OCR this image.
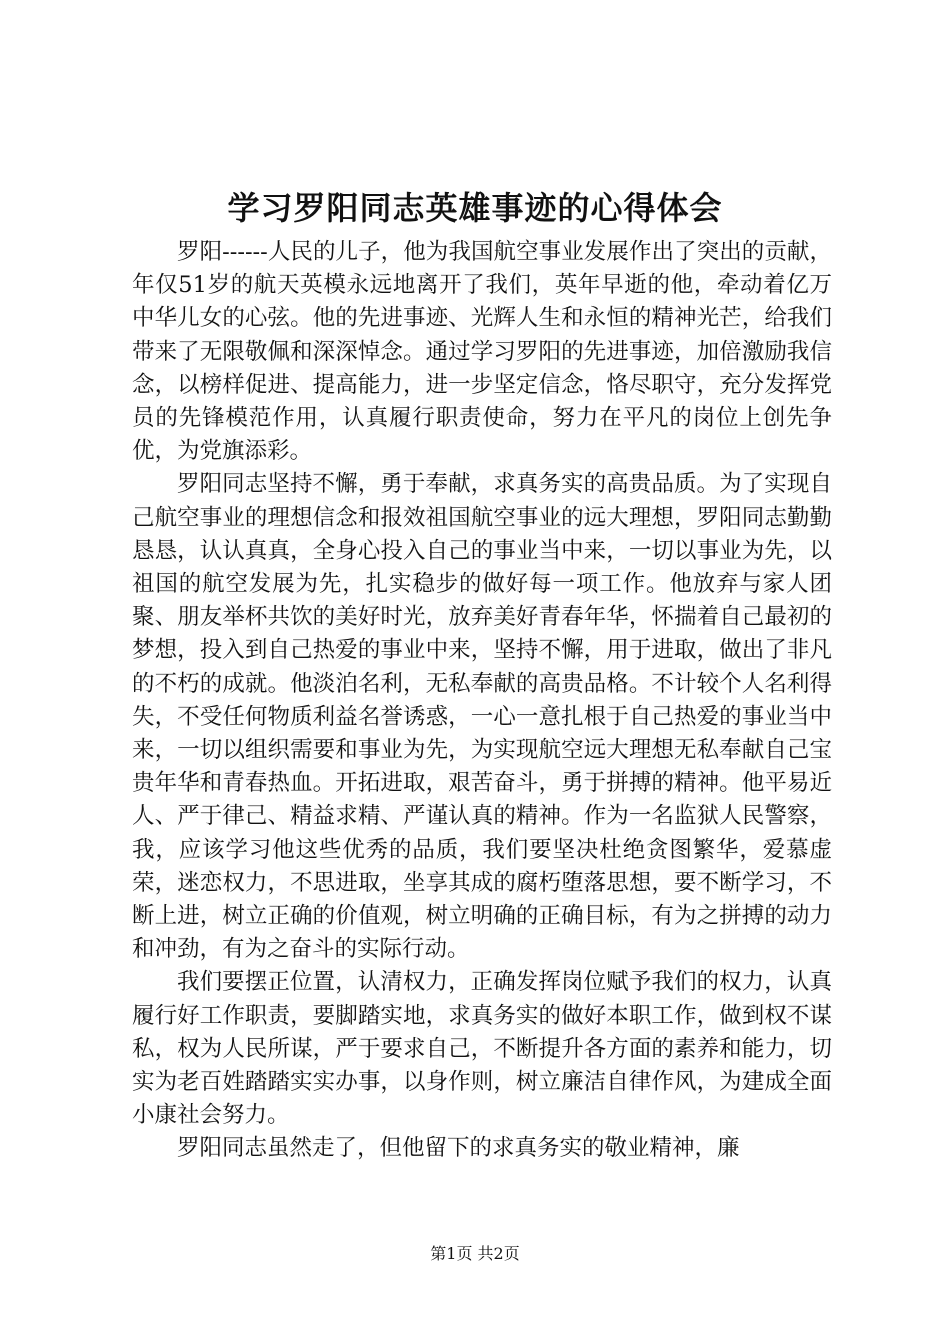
学习罗阳同志英雄事迹的心得体会

罗阳------人民的儿子，他为我国航空事业发展作出了突出的贡献，年仅51岁的航天英模永远地离开了我们，英年早逝的他，牵动着亿万中华儿女的心弦。他的先进事迹、光辉人生和永恒的精神光芒，给我们带来了无限敬佩和深深悼念。通过学习罗阳的先进事迹，加倍激励我信念，以榜样促进、提高能力，进一步坚定信念，恪尽职守，充分发挥党员的先锋模范作用，认真履行职责使命，努力在平凡的岗位上创先争优，为党旗添彩。

罗阳同志坚持不懈，勇于奉献，求真务实的高贵品质。为了实现自己航空事业的理想信念和报效祖国航空事业的远大理想，罗阳同志勤勤恳恳，认认真真，全身心投入自己的事业当中来，一切以事业为先，以祖国的航空发展为先，扎实稳步的做好每一项工作。他放弃与家人团聚、朋友举杯共饮的美好时光，放弃美好青春年华，怀揣着自己最初的梦想，投入到自己热爱的事业中来，坚持不懈，用于进取，做出了非凡的不朽的成就。他淡泊名利，无私奉献的高贵品格。不计较个人名利得失，不受任何物质利益名誉诱惑，一心一意扎根于自己热爱的事业当中来，一切以组织需要和事业为先，为实现航空远大理想无私奉献自己宝贵年华和青春热血。开拓进取，艰苦奋斗，勇于拼搏的精神。他平易近人、严于律己、精益求精、严谨认真的精神。作为一名监狱人民警察，我，应该学习他这些优秀的品质，我们要坚决杜绝贪图繁华，爱慕虚荣，迷恋权力，不思进取，坐享其成的腐朽堕落思想，要不断学习，不断上进，树立正确的价值观，树立明确的正确目标，有为之拼搏的动力和冲劲，有为之奋斗的实际行动。

我们要摆正位置，认清权力，正确发挥岗位赋予我们的权力，认真履行好工作职责，要脚踏实地，求真务实的做好本职工作，做到权不谋私，权为人民所谋，严于要求自己，不断提升各方面的素养和能力，切实为老百姓踏踏实实办事，以身作则，树立廉洁自律作风，为建成全面小康社会努力。

罗阳同志虽然走了，但他留下的求真务实的敬业精神，廉

第1页 共2页
